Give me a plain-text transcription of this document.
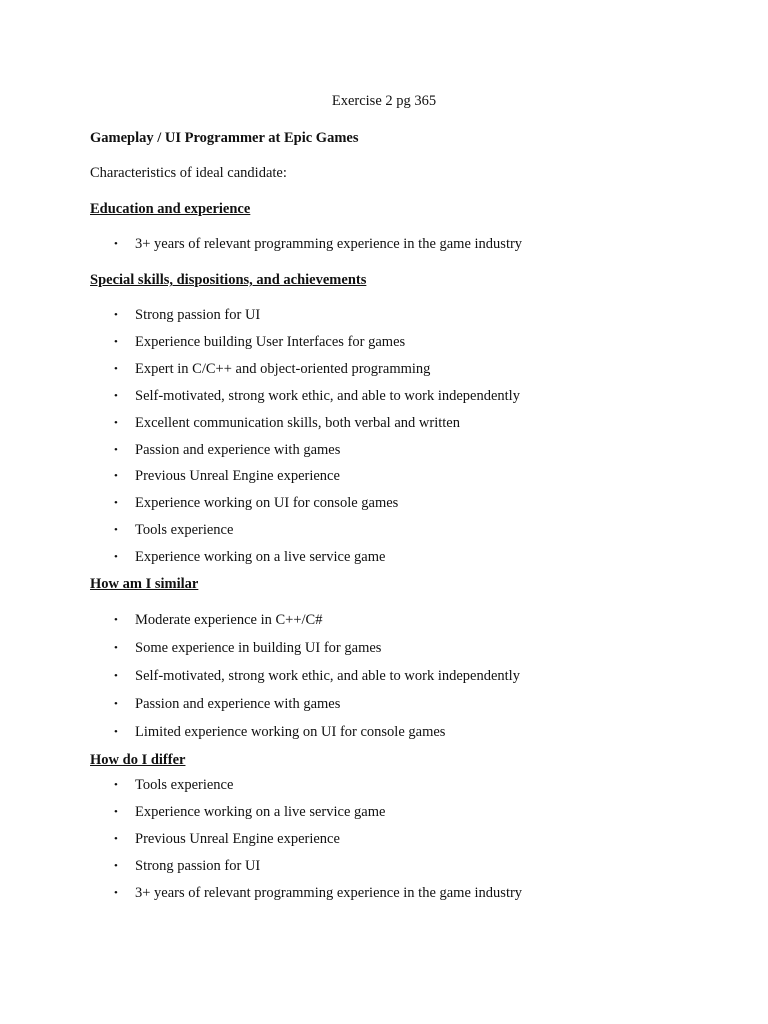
Exercise 2 pg 365
Gameplay / UI Programmer at Epic Games
Characteristics of ideal candidate:
Education and experience
• 3+ years of relevant programming experience in the game industry
Special skills, dispositions, and achievements
• Strong passion for UI
• Experience building User Interfaces for games
• Expert in C/C++ and object-oriented programming
• Self-motivated, strong work ethic, and able to work independently
• Excellent communication skills, both verbal and written
• Passion and experience with games
• Previous Unreal Engine experience
• Experience working on UI for console games
• Tools experience
• Experience working on a live service game
How am I similar
• Moderate experience in C++/C#
• Some experience in building UI for games
• Self-motivated, strong work ethic, and able to work independently
• Passion and experience with games
• Limited experience working on UI for console games
How do I differ
• Tools experience
• Experience working on a live service game
• Previous Unreal Engine experience
• Strong passion for UI
• 3+ years of relevant programming experience in the game industry
